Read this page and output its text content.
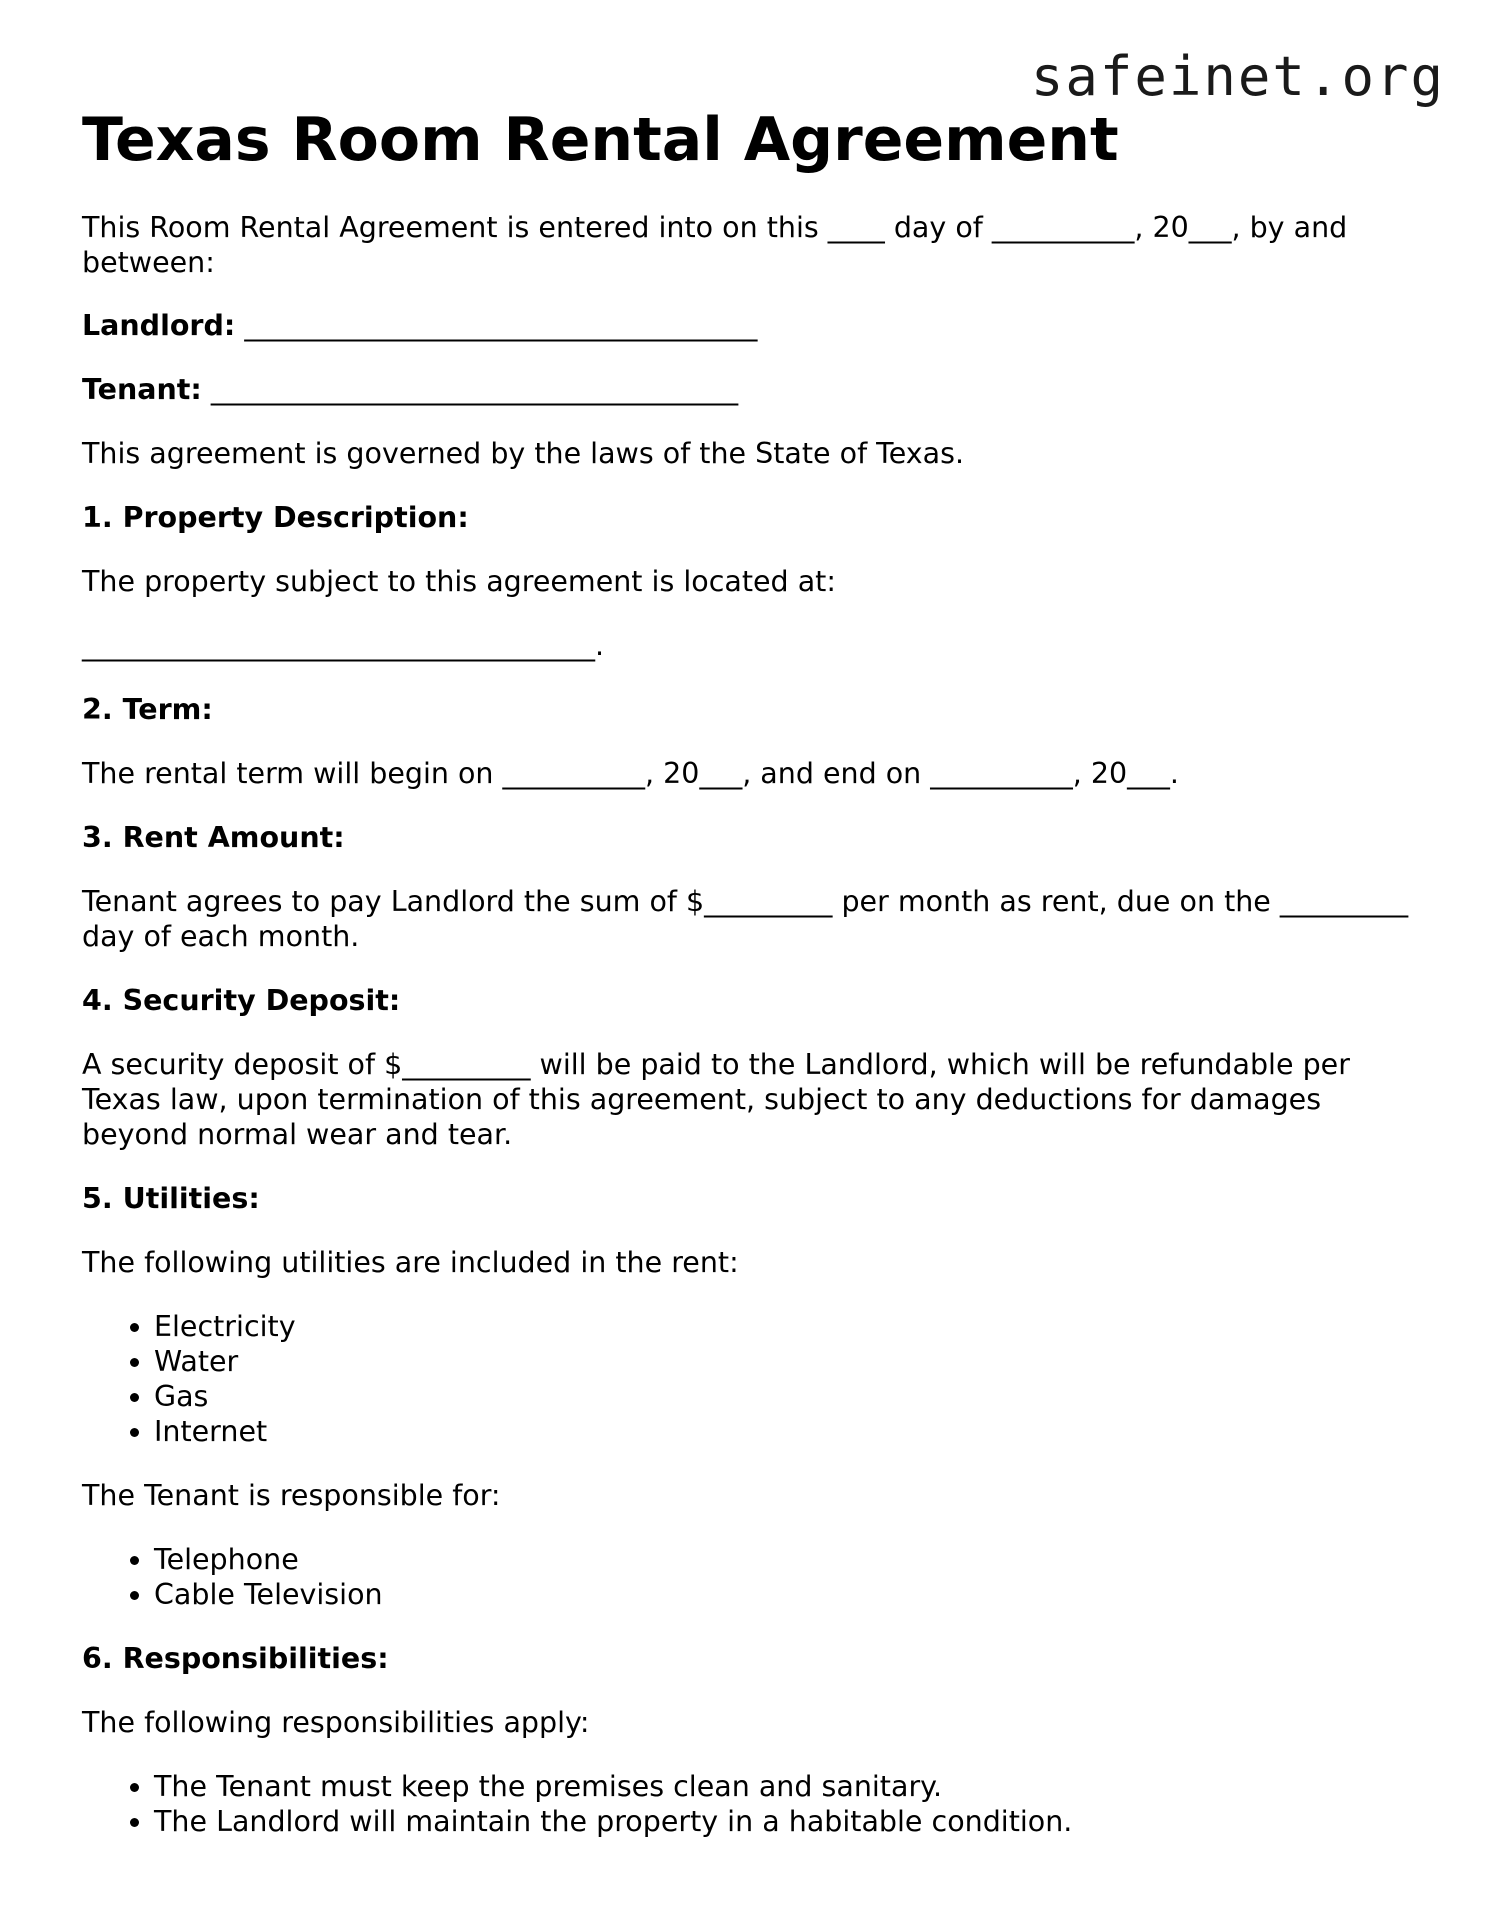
safeinet.org
Texas Room Rental Agreement

This Room Rental Agreement is entered into on this ____ day of __________, 20___, by and between:

Landlord: ____________________________________

Tenant: _____________________________________

This agreement is governed by the laws of the State of Texas.

1. Property Description:

The property subject to this agreement is located at:

____________________________________.

2. Term:

The rental term will begin on __________, 20___, and end on __________, 20___.

3. Rent Amount:

Tenant agrees to pay Landlord the sum of $_________ per month as rent, due on the _________ day of each month.

4. Security Deposit:

A security deposit of $_________ will be paid to the Landlord, which will be refundable per Texas law, upon termination of this agreement, subject to any deductions for damages beyond normal wear and tear.

5. Utilities:

The following utilities are included in the rent:

• Electricity
• Water
• Gas
• Internet

The Tenant is responsible for:

• Telephone
• Cable Television

6. Responsibilities:

The following responsibilities apply:

• The Tenant must keep the premises clean and sanitary.
• The Landlord will maintain the property in a habitable condition.
